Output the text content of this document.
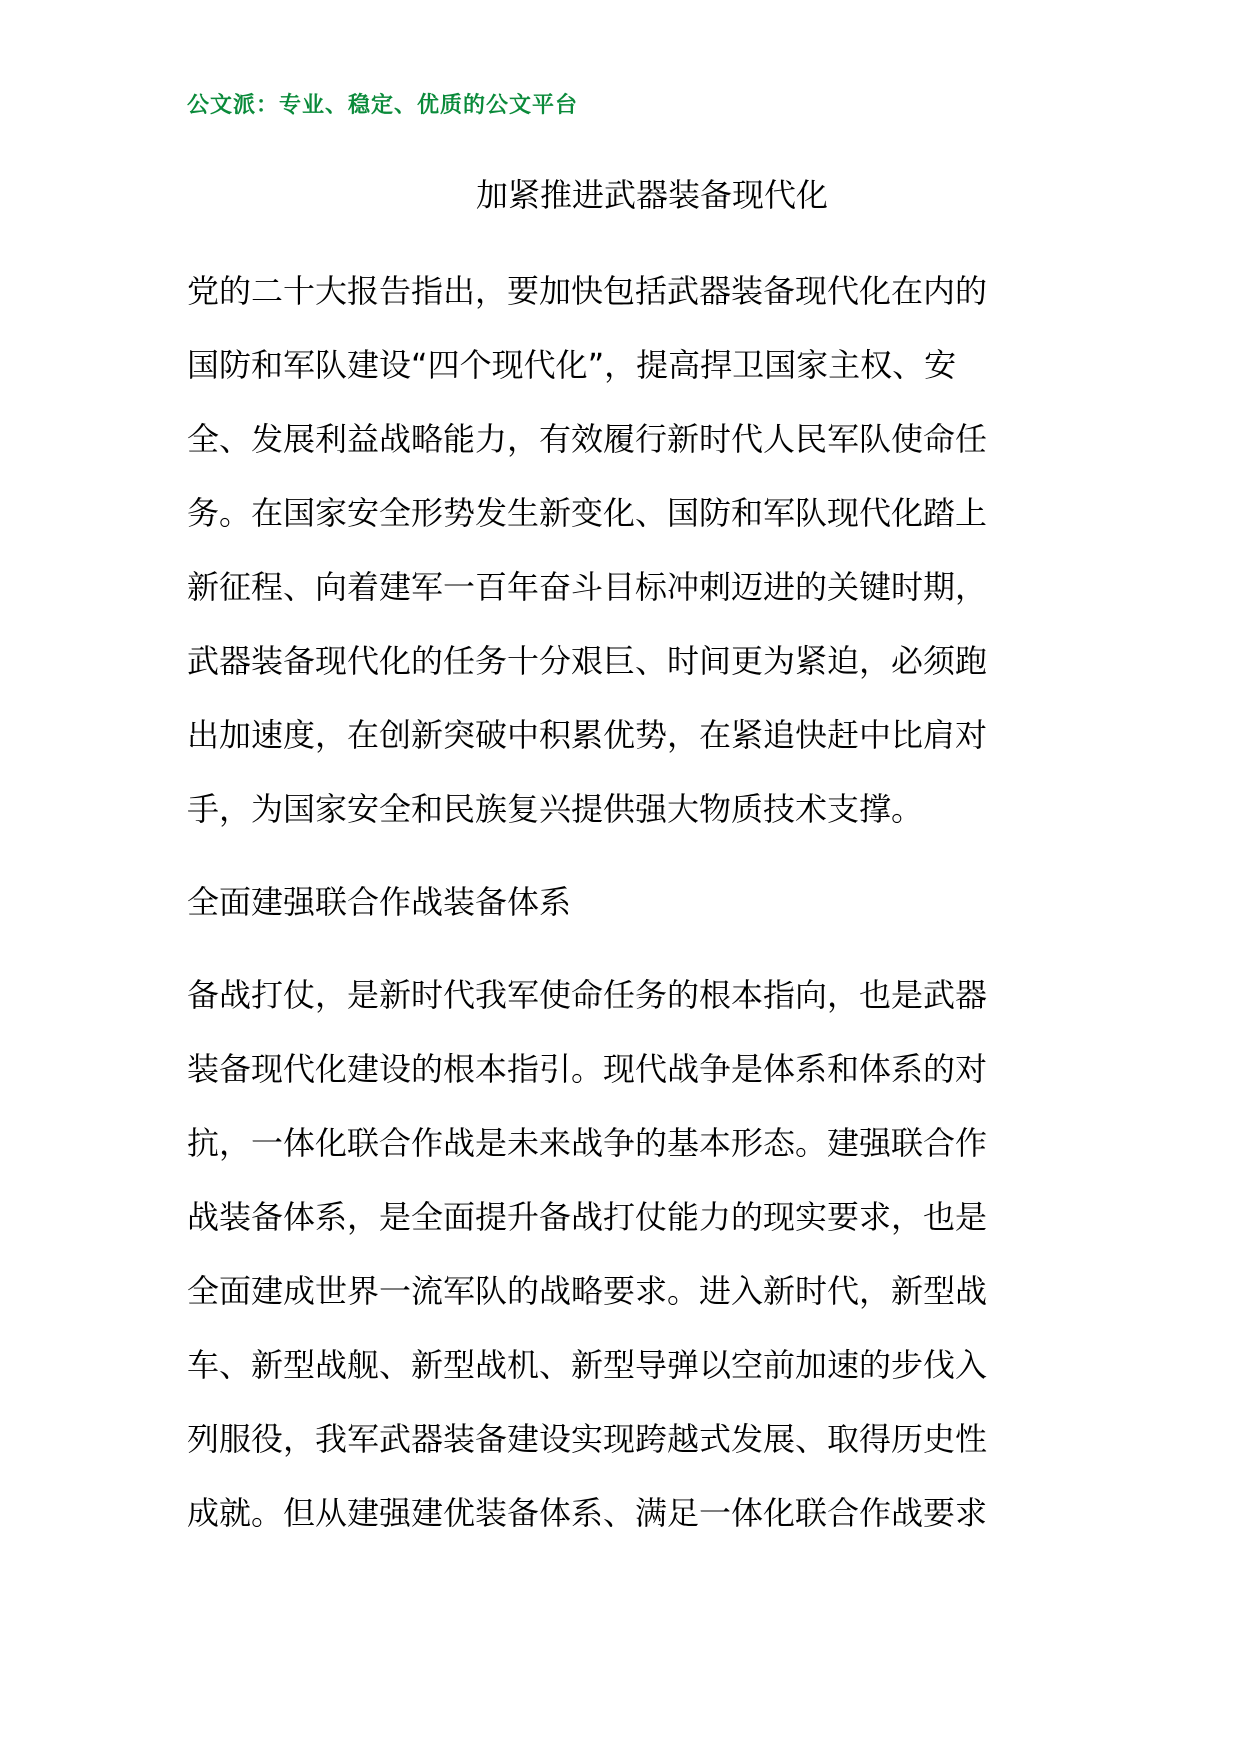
公文派：专业、稳定、优质的公文平台
加紧推进武器装备现代化
党的二十大报告指出，要加快包括武器装备现代化在内的
国防和军队建设“四个现代化”，提高捍卫国家主权、安
全、发展利益战略能力，有效履行新时代人民军队使命任
务。在国家安全形势发生新变化、国防和军队现代化踏上
新征程、向着建军一百年奋斗目标冲刺迈进的关键时期，
武器装备现代化的任务十分艰巨、时间更为紧迫，必须跑
出加速度，在创新突破中积累优势，在紧追快赶中比肩对
手，为国家安全和民族复兴提供强大物质技术支撑。
全面建强联合作战装备体系
备战打仗，是新时代我军使命任务的根本指向，也是武器
装备现代化建设的根本指引。现代战争是体系和体系的对
抗，一体化联合作战是未来战争的基本形态。建强联合作
战装备体系，是全面提升备战打仗能力的现实要求，也是
全面建成世界一流军队的战略要求。进入新时代，新型战
车、新型战舰、新型战机、新型导弹以空前加速的步伐入
列服役，我军武器装备建设实现跨越式发展、取得历史性
成就。但从建强建优装备体系、满足一体化联合作战要求
